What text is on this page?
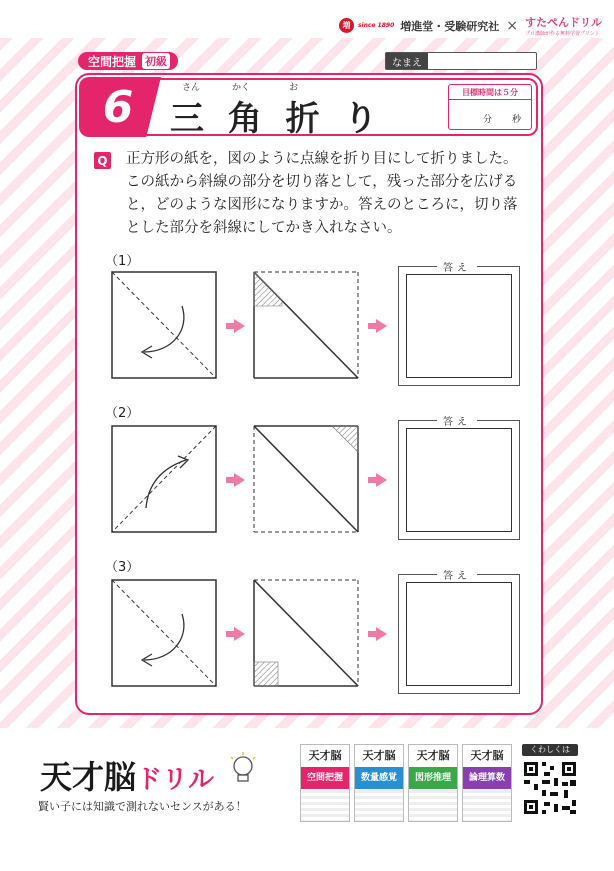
増	since 1890 増進堂・受験研究社 × すたぺんドリル
プロ講師が作る無料学習プリント
空間把握 初級	なまえ
6	さん	かく	お
三 角 折 り
目標時間は５分
分 秒
Q 正方形の紙を，図のように点線を折り目にして折りました。
この紙から斜線の部分を切り落として，残った部分を広げる
と，どのような図形になりますか。答えのところに，切り落
とした部分を斜線にしてかき入れなさい。
（1）	答え
（2）
答え
（3）
答え
天才脳ドリル
賢い子には知識で測れないセンスがある！
天才脳
空間把握
天才脳
数量感覚
天才脳
図形推理
天才脳
論理算数
くわしくは
